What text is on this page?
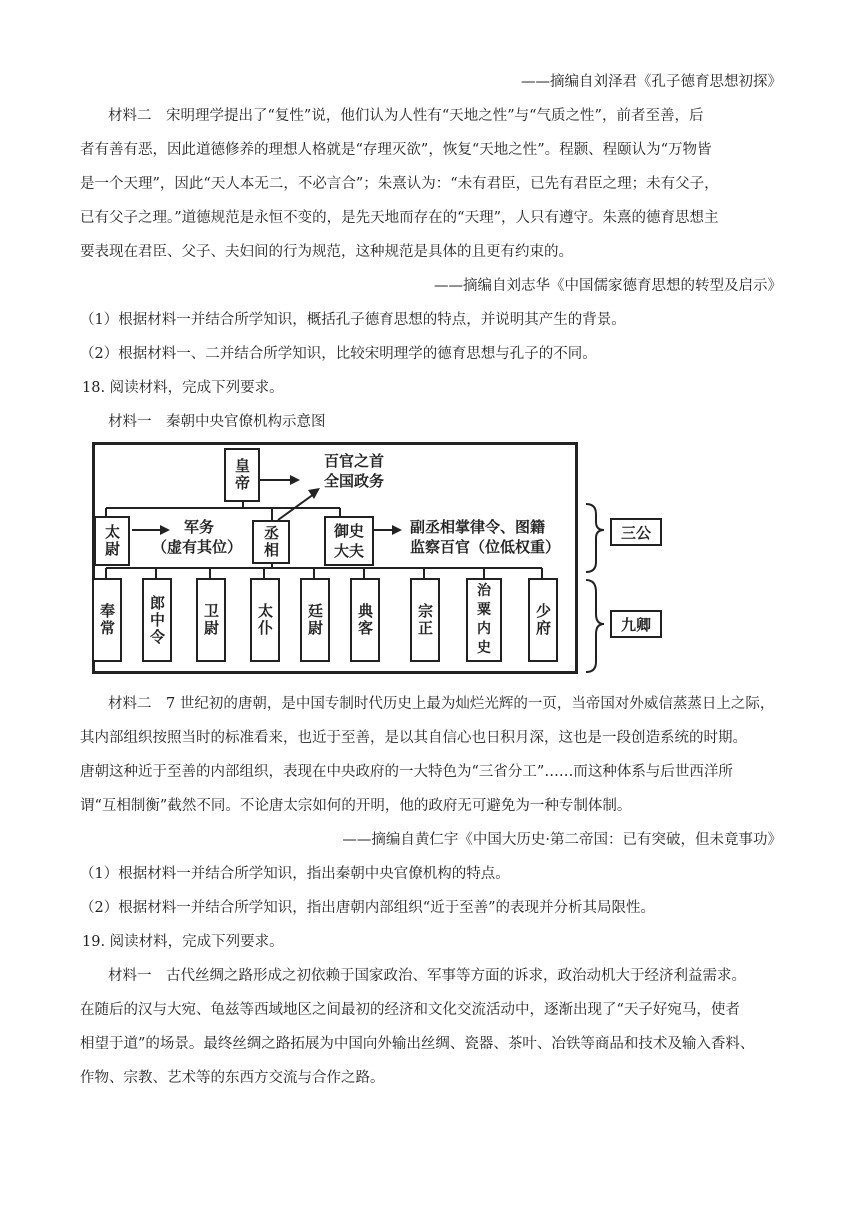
——摘编自刘泽君《孔子德育思想初探》
材料二　宋明理学提出了“复性”说，他们认为人性有“天地之性”与“气质之性”，前者至善，后
者有善有恶，因此道德修养的理想人格就是“存理灭欲”，恢复“天地之性”。程颢、程颐认为“万物皆
是一个天理”，因此“天人本无二，不必言合”；朱熹认为：“未有君臣，已先有君臣之理；未有父子，
已有父子之理。”道德规范是永恒不变的，是先天地而存在的“天理”，人只有遵守。朱熹的德育思想主
要表现在君臣、父子、夫妇间的行为规范，这种规范是具体的且更有约束的。
——摘编自刘志华《中国儒家德育思想的转型及启示》
（1）根据材料一并结合所学知识，概括孔子德育思想的特点，并说明其产生的背景。
（2）根据材料一、二并结合所学知识，比较宋明理学的德育思想与孔子的不同。
18. 阅读材料，完成下列要求。
材料一　秦朝中央官僚机构示意图
皇帝	百官之首
全国政务
太尉	军务
（虚有其位）	丞相	御史大夫
副丞相掌律令、图籍
监察百官（位低权重）
三公
九卿
奉常	郎中令	卫尉	太仆	廷尉	典客	宗正
治粟内史
少府
材料二　7 世纪初的唐朝，是中国专制时代历史上最为灿烂光辉的一页，当帝国对外威信蒸蒸日上之际，
其内部组织按照当时的标准看来，也近于至善，是以其自信心也日积月深，这也是一段创造系统的时期。
唐朝这种近于至善的内部组织，表现在中央政府的一大特色为“三省分工”……而这种体系与后世西洋所
谓“互相制衡”截然不同。不论唐太宗如何的开明，他的政府无可避免为一种专制体制。
——摘编自黄仁宇《中国大历史·第二帝国：已有突破，但未竟事功》
（1）根据材料一并结合所学知识，指出秦朝中央官僚机构的特点。
（2）根据材料一并结合所学知识，指出唐朝内部组织“近于至善”的表现并分析其局限性。
19. 阅读材料，完成下列要求。
材料一　古代丝绸之路形成之初依赖于国家政治、军事等方面的诉求，政治动机大于经济利益需求。
在随后的汉与大宛、龟兹等西域地区之间最初的经济和文化交流活动中，逐渐出现了“天子好宛马，使者
相望于道”的场景。最终丝绸之路拓展为中国向外输出丝绸、瓷器、茶叶、冶铁等商品和技术及输入香料、
作物、宗教、艺术等的东西方交流与合作之路。
